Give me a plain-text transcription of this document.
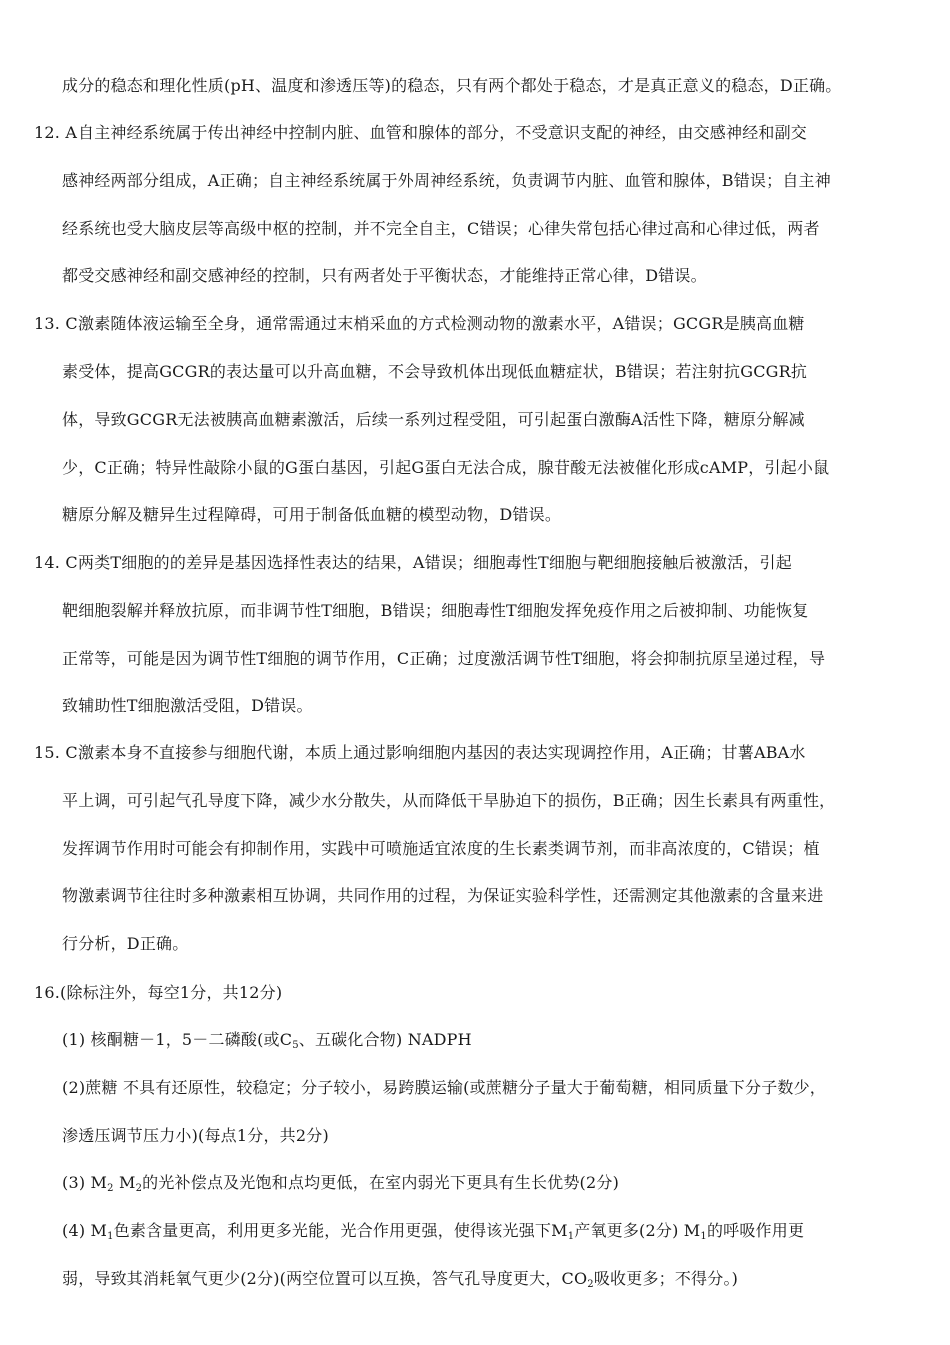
成分的稳态和理化性质(pH、温度和渗透压等)的稳态，只有两个都处于稳态，才是真正意义的稳态，D正确。
12. A自主神经系统属于传出神经中控制内脏、血管和腺体的部分，不受意识支配的神经，由交感神经和副交
感神经两部分组成，A正确；自主神经系统属于外周神经系统，负责调节内脏、血管和腺体，B错误；自主神
经系统也受大脑皮层等高级中枢的控制，并不完全自主，C错误；心律失常包括心律过高和心律过低，两者
都受交感神经和副交感神经的控制，只有两者处于平衡状态，才能维持正常心律，D错误。
13. C激素随体液运输至全身，通常需通过末梢采血的方式检测动物的激素水平，A错误；GCGR是胰高血糖
素受体，提高GCGR的表达量可以升高血糖，不会导致机体出现低血糖症状，B错误；若注射抗GCGR抗
体，导致GCGR无法被胰高血糖素激活，后续一系列过程受阻，可引起蛋白激酶A活性下降，糖原分解减
少，C正确；特异性敲除小鼠的G蛋白基因，引起G蛋白无法合成，腺苷酸无法被催化形成cAMP，引起小鼠
糖原分解及糖异生过程障碍，可用于制备低血糖的模型动物，D错误。
14. C两类T细胞的的差异是基因选择性表达的结果，A错误；细胞毒性T细胞与靶细胞接触后被激活，引起
靶细胞裂解并释放抗原，而非调节性T细胞，B错误；细胞毒性T细胞发挥免疫作用之后被抑制、功能恢复
正常等，可能是因为调节性T细胞的调节作用，C正确；过度激活调节性T细胞，将会抑制抗原呈递过程，导
致辅助性T细胞激活受阻，D错误。
15. C激素本身不直接参与细胞代谢，本质上通过影响细胞内基因的表达实现调控作用，A正确；甘薯ABA水
平上调，可引起气孔导度下降，减少水分散失，从而降低干旱胁迫下的损伤，B正确；因生长素具有两重性，
发挥调节作用时可能会有抑制作用，实践中可喷施适宜浓度的生长素类调节剂，而非高浓度的，C错误；植
物激素调节往往时多种激素相互协调，共同作用的过程，为保证实验科学性，还需测定其他激素的含量来进
行分析，D正确。
16.(除标注外，每空1分，共12分)
(1) 核酮糖－1，5－二磷酸(或$C_5$、五碳化合物) NADPH
(2)蔗糖 不具有还原性，较稳定；分子较小，易跨膜运输(或蔗糖分子量大于葡萄糖，相同质量下分子数少，
渗透压调节压力小)(每点1分，共2分)
(3) $M_2$ $M_2$的光补偿点及光饱和点均更低，在室内弱光下更具有生长优势(2分)
(4) $M_1$色素含量更高，利用更多光能，光合作用更强，使得该光强下$M_1$产氧更多(2分) $M_1$的呼吸作用更
弱，导致其消耗氧气更少(2分)(两空位置可以互换，答气孔导度更大，$CO_2$吸收更多；不得分。)
